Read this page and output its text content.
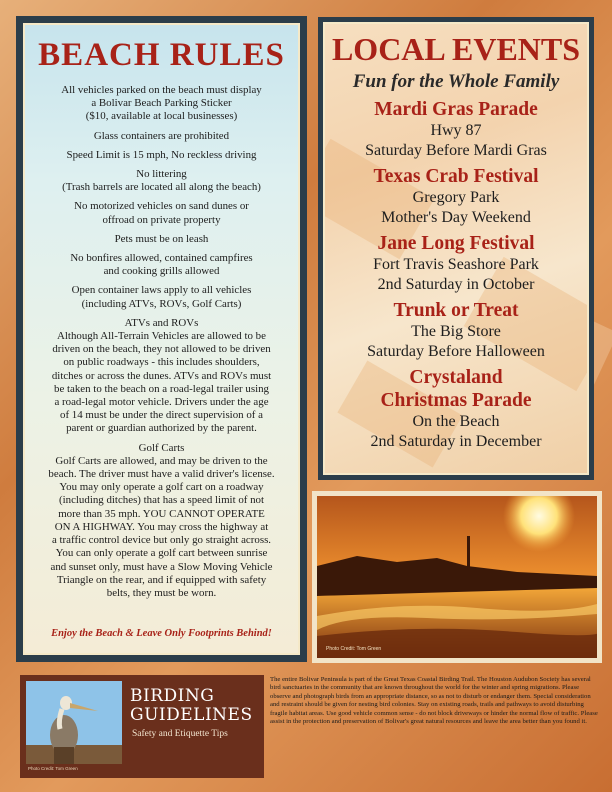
BEACH RULES

All vehicles parked on the beach must display
a Bolivar Beach Parking Sticker
($10, available at local businesses)

Glass containers are prohibited

Speed Limit is 15 mph, No reckless driving

No littering
(Trash barrels are located all along the beach)

No motorized vehicles on sand dunes or
offroad on private property

Pets must be on leash

No bonfires allowed, contained campfires
and cooking grills allowed

Open container laws apply to all vehicles
(including ATVs, ROVs, Golf Carts)

ATVs and ROVs

Although All-Terrain Vehicles are allowed to be
driven on the beach, they not allowed to be driven
on public roadways - this includes shoulders,
ditches or across the dunes. ATVs and ROVs must
be taken to the beach on a road-legal trailer using
a road-legal motor vehicle. Drivers under the age
of 14 must be under the direct supervision of a
parent or guardian authorized by the parent.

Golf Carts

Golf Carts are allowed, and may be driven to the
beach. The driver must have a valid driver's license.
You may only operate a golf cart on a roadway
(including ditches) that has a speed limit of not
more than 35 mph. YOU CANNOT OPERATE
ON A HIGHWAY. You may cross the highway at
a traffic control device but only go straight across.
You can only operate a golf cart between sunrise
and sunset only, must have a Slow Moving Vehicle
Triangle on the rear, and if equipped with safety
belts, they must be worn.
Enjoy the Beach & Leave Only Footprints Behind!
LOCAL EVENTS
Fun for the Whole Family
Mardi Gras Parade
Hwy 87
Saturday Before Mardi Gras
Texas Crab Festival
Gregory Park
Mother's Day Weekend
Jane Long Festival
Fort Travis Seashore Park
2nd Saturday in October
Trunk or Treat
The Big Store
Saturday Before Halloween
Crystaland
Christmas Parade
On the Beach
2nd Saturday in December
Photo Credit: Tom Green
Photo Credit: Tom Green
BIRDING
GUIDELINES
Safety and Etiquette Tips
The entire Bolivar Peninsula is part of the Great Texas Coastal Birding Trail. The Houston Audubon Society has several bird sanctuaries in the community that are known throughout the world for the winter and spring migrations. Please observe and photograph birds from an appropriate distance, so as not to disturb or endanger them. Special consideration and restraint should be given for nesting bird colonies. Stay on existing roads, trails and pathways to avoid disturbing fragile habitat areas. Use good vehicle common sense - do not block driveways or hinder the normal flow of traffic. Please assist in the protection and preservation of Bolivar's great natural resources and leave the area better than you found it.
